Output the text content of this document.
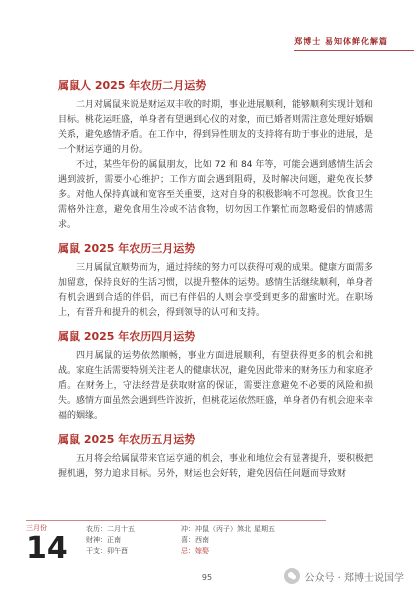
郑博士 易知体鲜化解篇
属鼠人 2025 年农历二月运势

二月对属鼠来说是财运双丰收的时期，事业进展顺利，能够顺利实现计划和目标。桃花运旺盛，单身者有望遇到心仪的对象，而已婚者则需注意处理好婚姻关系，避免感情矛盾。在工作中，得到异性朋友的支持将有助于事业的进展，是一个财运亨通的月份。

不过，某些年份的属鼠朋友，比如 72 和 84 年等，可能会遇到感情生活会遇到波折，需要小心维护；工作方面会遇到阻碍，及时解决问题，避免夜长梦多。对他人保持真诚和宽容至关重要，这对自身的积极影响不可忽视。饮食卫生需格外注意，避免食用生冷或不洁食物，切勿因工作繁忙而忽略爱侣的情感需求。

属鼠 2025 年农历三月运势

三月属鼠宜顺势而为，通过持续的努力可以获得可观的成果。健康方面需多加留意，保持良好的生活习惯，以提升整体的运势。感情生活继续顺利，单身者有机会遇到合适的伴侣，而已有伴侣的人则会享受到更多的甜蜜时光。在职场上，有晋升和提升的机会，得到领导的认可和支持。

属鼠 2025 年农历四月运势

四月属鼠的运势依然顺畅，事业方面进展顺利，有望获得更多的机会和挑战。家庭生活需要特别关注老人的健康状况，避免因此带来的财务压力和家庭矛盾。在财务上，守法经营是获取财富的保证，需要注意避免不必要的风险和损失。感情方面虽然会遇到些许波折，但桃花运依然旺盛，单身者仍有机会迎来幸福的姻缘。

属鼠 2025 年农历五月运势

五月将会给属鼠带来官运亨通的机会，事业和地位会有显著提升，要积极把握机遇，努力追求目标。另外，财运也会好转，避免因信任问题而导致财

三月份
14
农历：二月十五
财神：正南
干支：卯午酉
冲：冲鼠（丙子）煞北
喜：西南
忌：嫁娶
星期五
95	公众号 · 郑博士说国学
